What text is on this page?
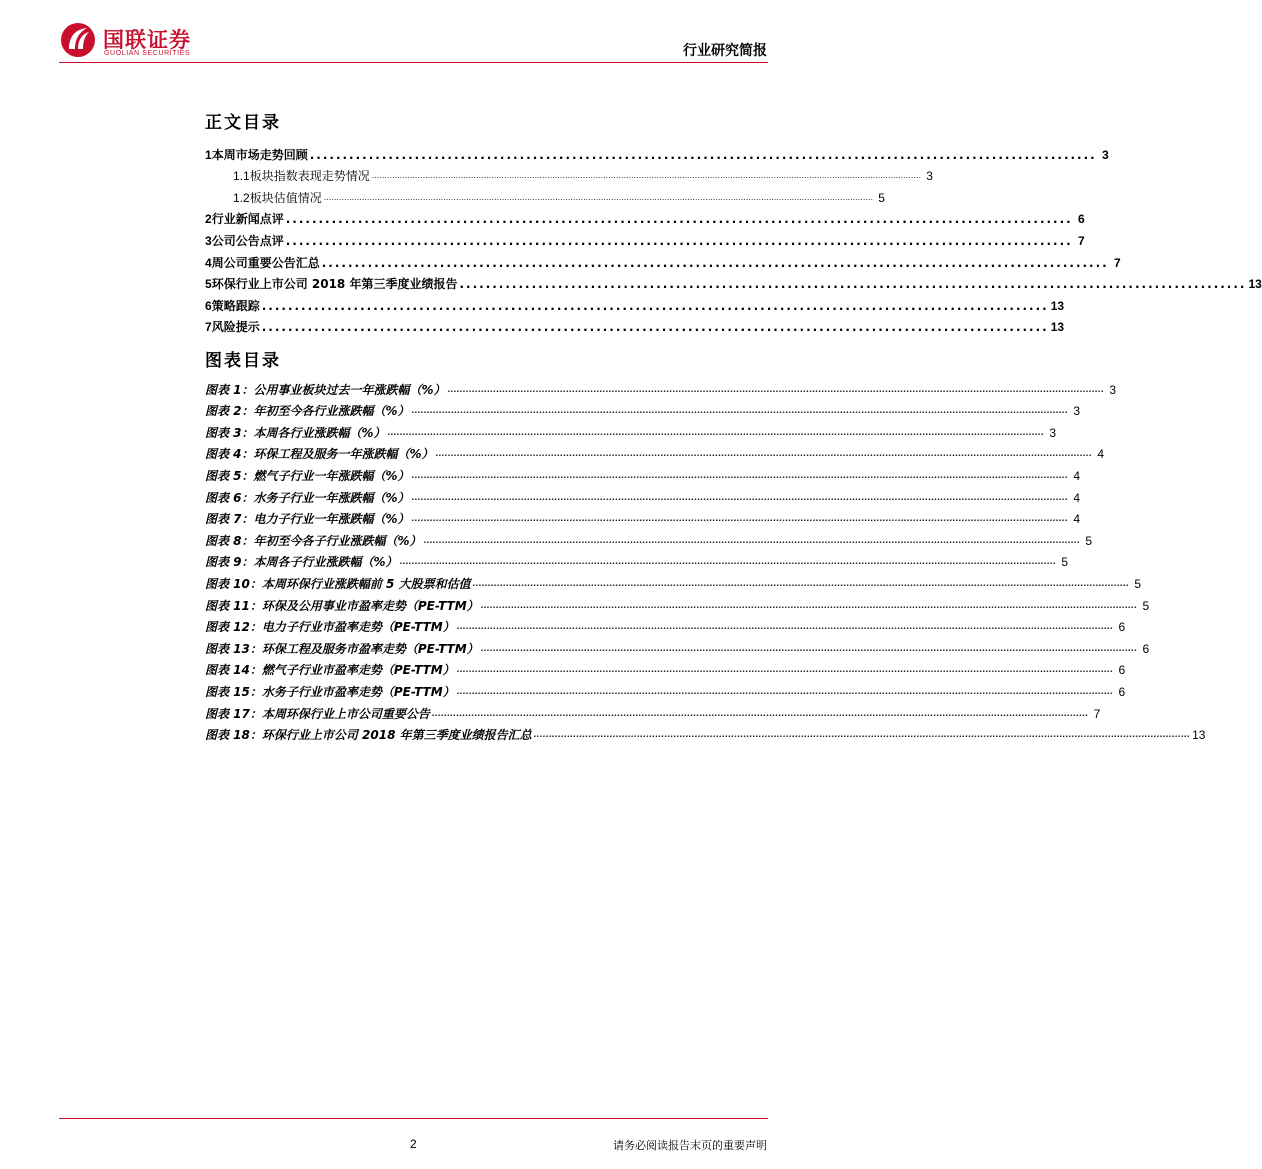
国联证券
GUOLIAN SECURITIES	行业研究简报
正文目录
1 本周市场走势回顾 ........................................................................................................................ 3
1.1 板块指数表现走势情况 ........................................................................................................................................................................................................................ 3
1.2 板块估值情况 ........................................................................................................................................................................................................................ 5
2 行业新闻点评 ........................................................................................................................ 6
3 公司公告点评 ........................................................................................................................ 7
4 周公司重要公告汇总 ........................................................................................................................ 7
5 环保行业上市公司 2018 年第三季度业绩报告 ........................................................................................................................ 13
6 策略跟踪 ........................................................................................................................ 13
7 风险提示 ........................................................................................................................ 13
图表目录
图表 1：公用事业板块过去一年涨跌幅（%） ........................................................................................................................................................................................................................ 3
图表 2：年初至今各行业涨跌幅（%） ........................................................................................................................................................................................................................ 3
图表 3：本周各行业涨跌幅（%） ........................................................................................................................................................................................................................ 3
图表 4：环保工程及服务一年涨跌幅（%） ........................................................................................................................................................................................................................ 4
图表 5：燃气子行业一年涨跌幅（%） ........................................................................................................................................................................................................................ 4
图表 6：水务子行业一年涨跌幅（%） ........................................................................................................................................................................................................................ 4
图表 7：电力子行业一年涨跌幅（%） ........................................................................................................................................................................................................................ 4
图表 8：年初至今各子行业涨跌幅（%） ........................................................................................................................................................................................................................ 5
图表 9：本周各子行业涨跌幅（%） ........................................................................................................................................................................................................................ 5
图表 10：本周环保行业涨跌幅前 5 大股票和估值 ........................................................................................................................................................................................................................ 5
图表 11：环保及公用事业市盈率走势（PE-TTM） ........................................................................................................................................................................................................................ 5
图表 12：电力子行业市盈率走势（PE-TTM） ........................................................................................................................................................................................................................ 6
图表 13：环保工程及服务市盈率走势（PE-TTM） ........................................................................................................................................................................................................................ 6
图表 14：燃气子行业市盈率走势（PE-TTM） ........................................................................................................................................................................................................................ 6
图表 15：水务子行业市盈率走势（PE-TTM） ........................................................................................................................................................................................................................ 6
图表 17：本周环保行业上市公司重要公告 ........................................................................................................................................................................................................................ 7
图表 18：环保行业上市公司 2018 年第三季度业绩报告汇总 ........................................................................................................................................................................................................................ 13
2	请务必阅读报告末页的重要声明
